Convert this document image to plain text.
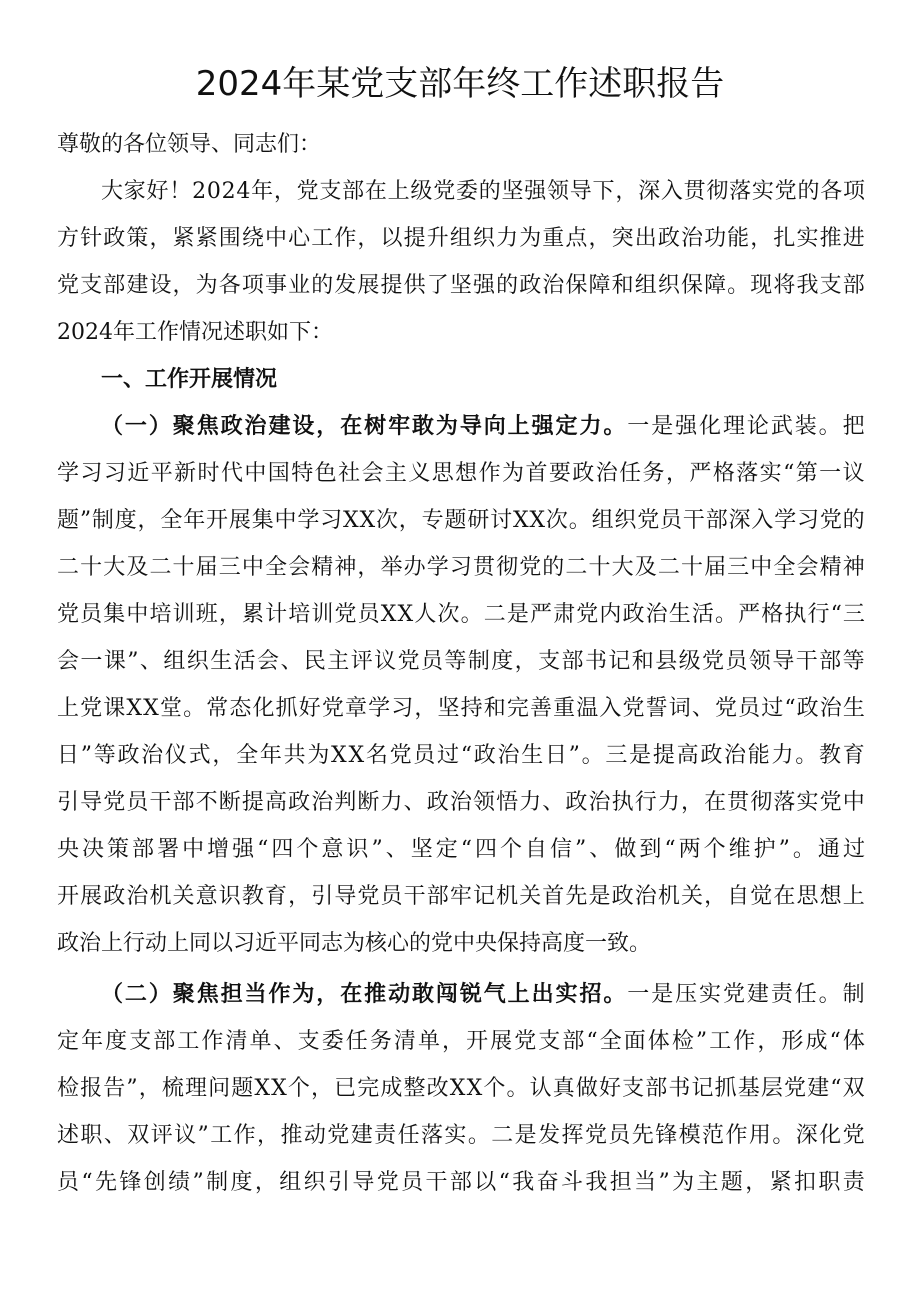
2024年某党支部年终工作述职报告
尊敬的各位领导、同志们：
大 家 好 ！ 2 0 2 4 年 ， 党 支 部 在 上 级 党 委 的 坚 强 领 导 下 ， 深 入 贯 彻 落 实 党 的 各 项
方 针 政 策 ， 紧 紧 围 绕 中 心 工 作 ， 以 提 升 组 织 力 为 重 点 ， 突 出 政 治 功 能 ， 扎 实 推 进
党 支 部 建 设 ， 为 各 项 事 业 的 发 展 提 供 了 坚 强 的 政 治 保 障 和 组 织 保 障 。 现 将 我 支 部
2024年工作情况述职如下：
一、工作开展情况
（ 一 ） 聚 焦 政 治 建 设 ， 在 树 牢 敢 为 导 向 上 强 定 力 。 一 是 强 化 理 论 武 装 。 把
学 习 习 近 平 新 时 代 中 国 特 色 社 会 主 义 思 想 作 为 首 要 政 治 任 务 ， 严 格 落 实 “ 第 一 议
题 ” 制 度 ， 全 年 开 展 集 中 学 习 X X 次 ， 专 题 研 讨 X X 次 。 组 织 党 员 干 部 深 入 学 习 党 的
二 十 大 及 二 十 届 三 中 全 会 精 神 ， 举 办 学 习 贯 彻 党 的 二 十 大 及 二 十 届 三 中 全 会 精 神
党 员 集 中 培 训 班 ， 累 计 培 训 党 员 X X 人 次 。 二 是 严 肃 党 内 政 治 生 活 。 严 格 执 行 “ 三
会 一 课 ” 、 组 织 生 活 会 、 民 主 评 议 党 员 等 制 度 ， 支 部 书 记 和 县 级 党 员 领 导 干 部 等
上 党 课 X X 堂 。 常 态 化 抓 好 党 章 学 习 ， 坚 持 和 完 善 重 温 入 党 誓 词 、 党 员 过 “ 政 治 生
日 ” 等 政 治 仪 式 ， 全 年 共 为 X X 名 党 员 过 “ 政 治 生 日 ” 。 三 是 提 高 政 治 能 力 。 教 育
引 导 党 员 干 部 不 断 提 高 政 治 判 断 力 、 政 治 领 悟 力 、 政 治 执 行 力 ， 在 贯 彻 落 实 党 中
央 决 策 部 署 中 增 强 “ 四 个 意 识 ” 、 坚 定 “ 四 个 自 信 ” 、 做 到 “ 两 个 维 护 ” 。 通 过
开 展 政 治 机 关 意 识 教 育 ， 引 导 党 员 干 部 牢 记 机 关 首 先 是 政 治 机 关 ， 自 觉 在 思 想 上
政治上行动上同以习近平同志为核心的党中央保持高度一致。
（ 二 ） 聚 焦 担 当 作 为 ， 在 推 动 敢 闯 锐 气 上 出 实 招 。 一 是 压 实 党 建 责 任 。 制
定 年 度 支 部 工 作 清 单 、 支 委 任 务 清 单 ， 开 展 党 支 部 “ 全 面 体 检 ” 工 作 ， 形 成 “ 体
检 报 告 ” ， 梳 理 问 题 X X 个 ， 已 完 成 整 改 X X 个 。 认 真 做 好 支 部 书 记 抓 基 层 党 建 “ 双
述 职 、 双 评 议 ” 工 作 ， 推 动 党 建 责 任 落 实 。 二 是 发 挥 党 员 先 锋 模 范 作 用 。 深 化 党
员 “ 先 锋 创 绩 ” 制 度 ， 组 织 引 导 党 员 干 部 以 “ 我 奋 斗 我 担 当 ” 为 主 题 ， 紧 扣 职 责
